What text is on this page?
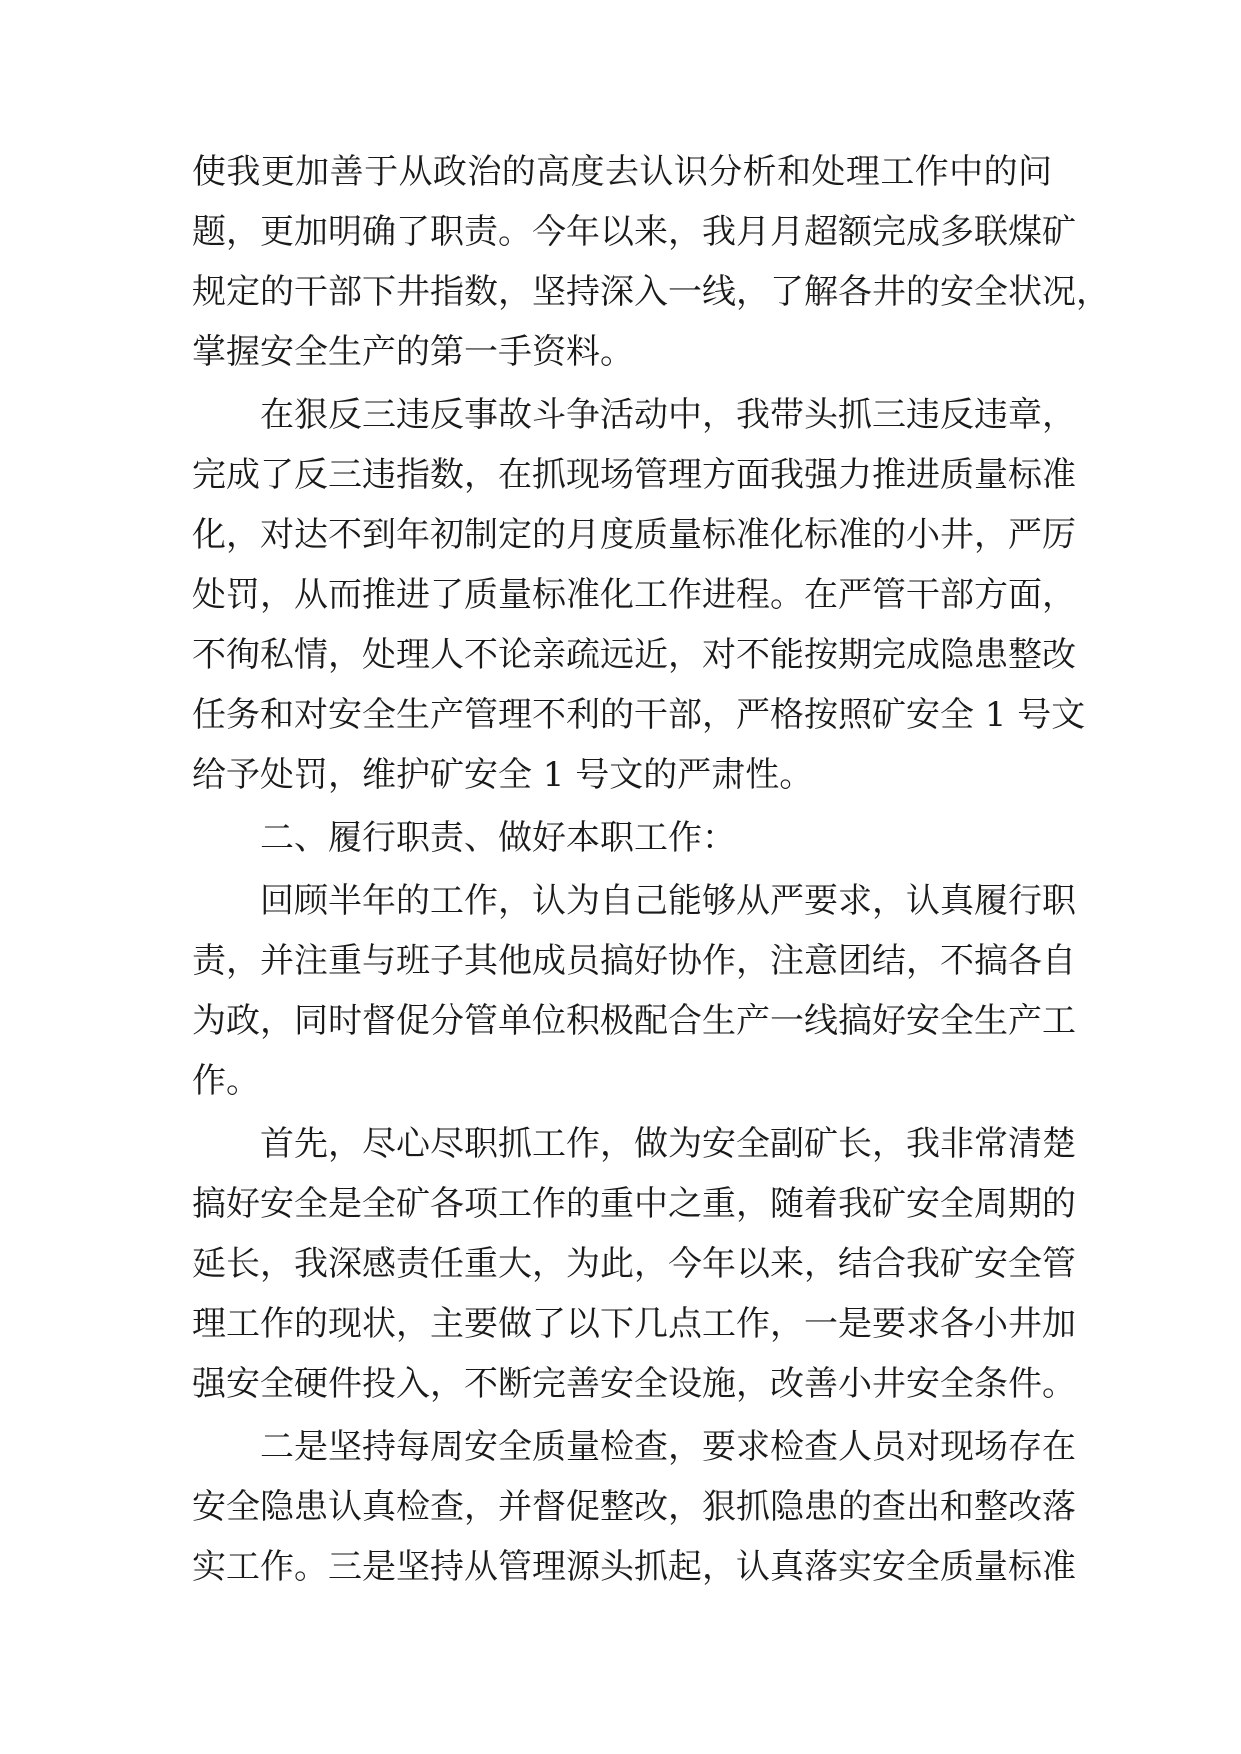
使我更加善于从政治的高度去认识分析和处理工作中的问
题，更加明确了职责。今年以来，我月月超额完成多联煤矿
规定的干部下井指数，坚持深入一线，了解各井的安全状况，
掌握安全生产的第一手资料。
在狠反三违反事故斗争活动中，我带头抓三违反违章，
完成了反三违指数，在抓现场管理方面我强力推进质量标准
化，对达不到年初制定的月度质量标准化标准的小井，严厉
处罚，从而推进了质量标准化工作进程。在严管干部方面，
不徇私情，处理人不论亲疏远近，对不能按期完成隐患整改
任务和对安全生产管理不利的干部，严格按照矿安全 1 号文
给予处罚，维护矿安全 1 号文的严肃性。
二、履行职责、做好本职工作：
回顾半年的工作，认为自己能够从严要求，认真履行职
责，并注重与班子其他成员搞好协作，注意团结，不搞各自
为政，同时督促分管单位积极配合生产一线搞好安全生产工
作。
首先，尽心尽职抓工作，做为安全副矿长，我非常清楚
搞好安全是全矿各项工作的重中之重，随着我矿安全周期的
延长，我深感责任重大，为此，今年以来，结合我矿安全管
理工作的现状，主要做了以下几点工作，一是要求各小井加
强安全硬件投入，不断完善安全设施，改善小井安全条件。
二是坚持每周安全质量检查，要求检查人员对现场存在
安全隐患认真检查，并督促整改，狠抓隐患的查出和整改落
实工作。三是坚持从管理源头抓起，认真落实安全质量标准
